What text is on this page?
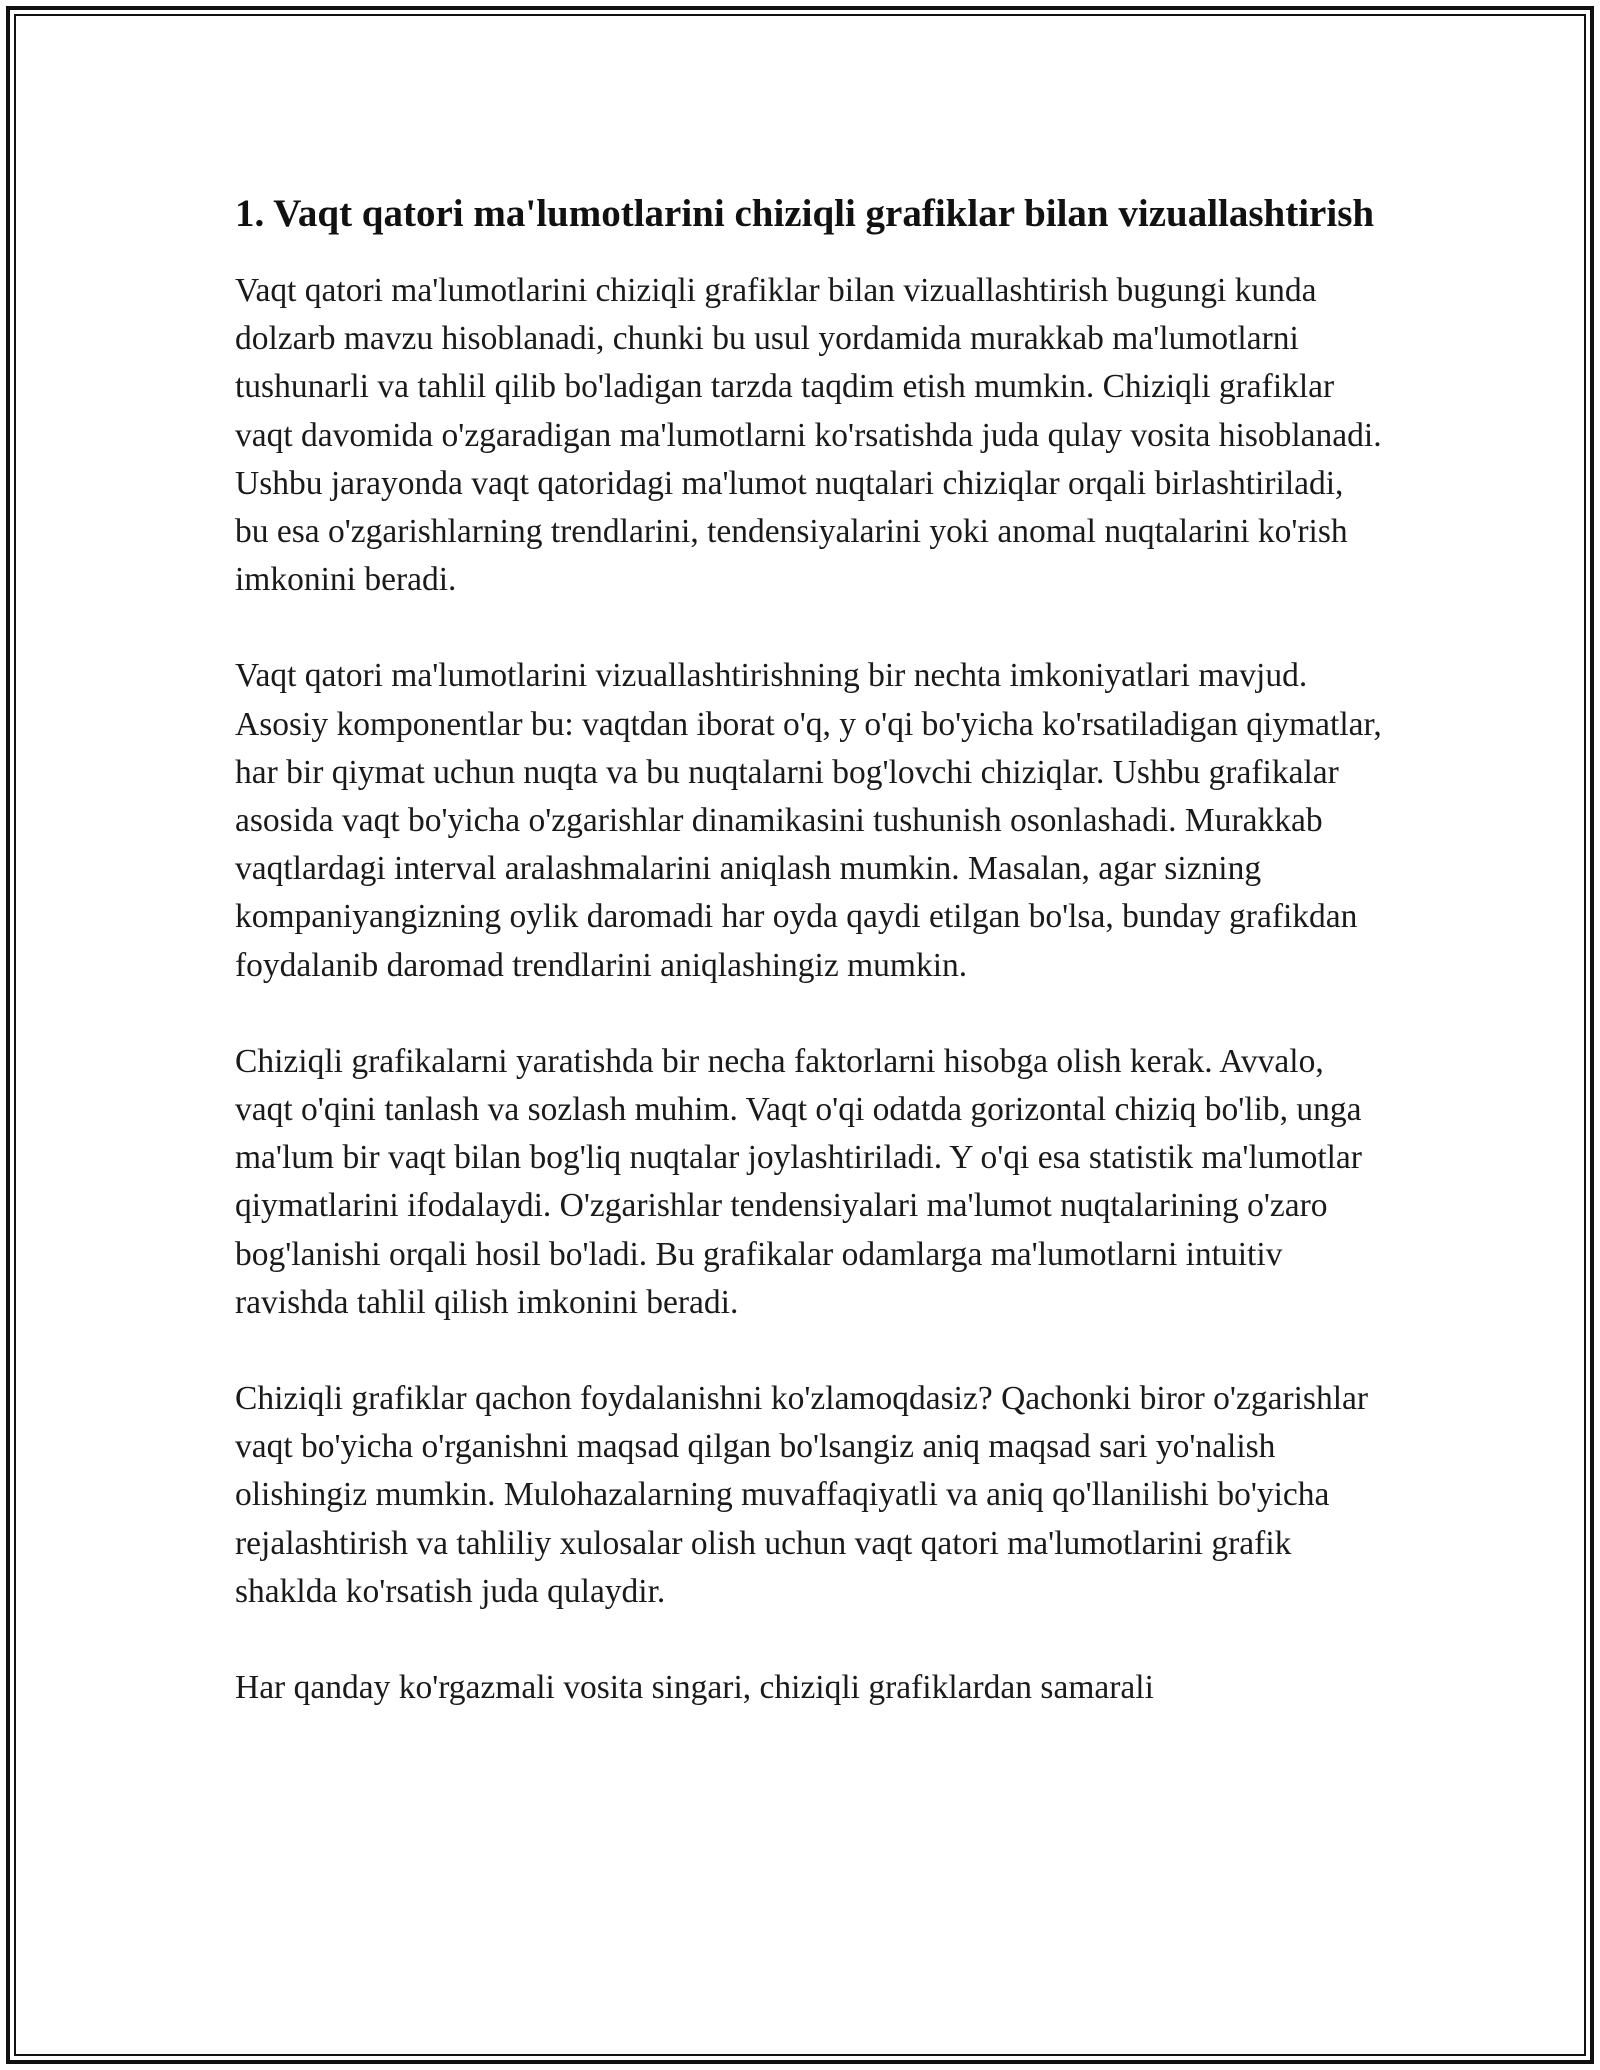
1. Vaqt qatori ma'lumotlarini chiziqli grafiklar bilan vizuallashtirish

Vaqt qatori ma'lumotlarini chiziqli grafiklar bilan vizuallashtirish bugungi kunda dolzarb mavzu hisoblanadi, chunki bu usul yordamida murakkab ma'lumotlarni tushunarli va tahlil qilib bo'ladigan tarzda taqdim etish mumkin. Chiziqli grafiklar vaqt davomida o'zgaradigan ma'lumotlarni ko'rsatishda juda qulay vosita hisoblanadi. Ushbu jarayonda vaqt qatoridagi ma'lumot nuqtalari chiziqlar orqali birlashtiriladi, bu esa o'zgarishlarning trendlarini, tendensiyalarini yoki anomal nuqtalarini ko'rish imkonini beradi.

Vaqt qatori ma'lumotlarini vizuallashtirishning bir nechta imkoniyatlari mavjud. Asosiy komponentlar bu: vaqtdan iborat o'q, y o'qi bo'yicha ko'rsatiladigan qiymatlar, har bir qiymat uchun nuqta va bu nuqtalarni bog'lovchi chiziqlar. Ushbu grafikalar asosida vaqt bo'yicha o'zgarishlar dinamikasini tushunish osonlashadi. Murakkab vaqtlardagi interval aralashmalarini aniqlash mumkin. Masalan, agar sizning kompaniyangizning oylik daromadi har oyda qaydi etilgan bo'lsa, bunday grafikdan foydalanib daromad trendlarini aniqlashingiz mumkin.

Chiziqli grafikalarni yaratishda bir necha faktorlarni hisobga olish kerak. Avvalo, vaqt o'qini tanlash va sozlash muhim. Vaqt o'qi odatda gorizontal chiziq bo'lib, unga ma'lum bir vaqt bilan bog'liq nuqtalar joylashtiriladi. Y o'qi esa statistik ma'lumotlar qiymatlarini ifodalaydi. O'zgarishlar tendensiyalari ma'lumot nuqtalarining o'zaro bog'lanishi orqali hosil bo'ladi. Bu grafikalar odamlarga ma'lumotlarni intuitiv ravishda tahlil qilish imkonini beradi.

Chiziqli grafiklar qachon foydalanishni ko'zlamoqdasiz? Qachonki biror o'zgarishlar vaqt bo'yicha o'rganishni maqsad qilgan bo'lsangiz aniq maqsad sari yo'nalish olishingiz mumkin. Mulohazalarning muvaffaqiyatli va aniq qo'llanilishi bo'yicha rejalashtirish va tahliliy xulosalar olish uchun vaqt qatori ma'lumotlarini grafik shaklda ko'rsatish juda qulaydir.

Har qanday ko'rgazmali vosita singari, chiziqli grafiklardan samarali
